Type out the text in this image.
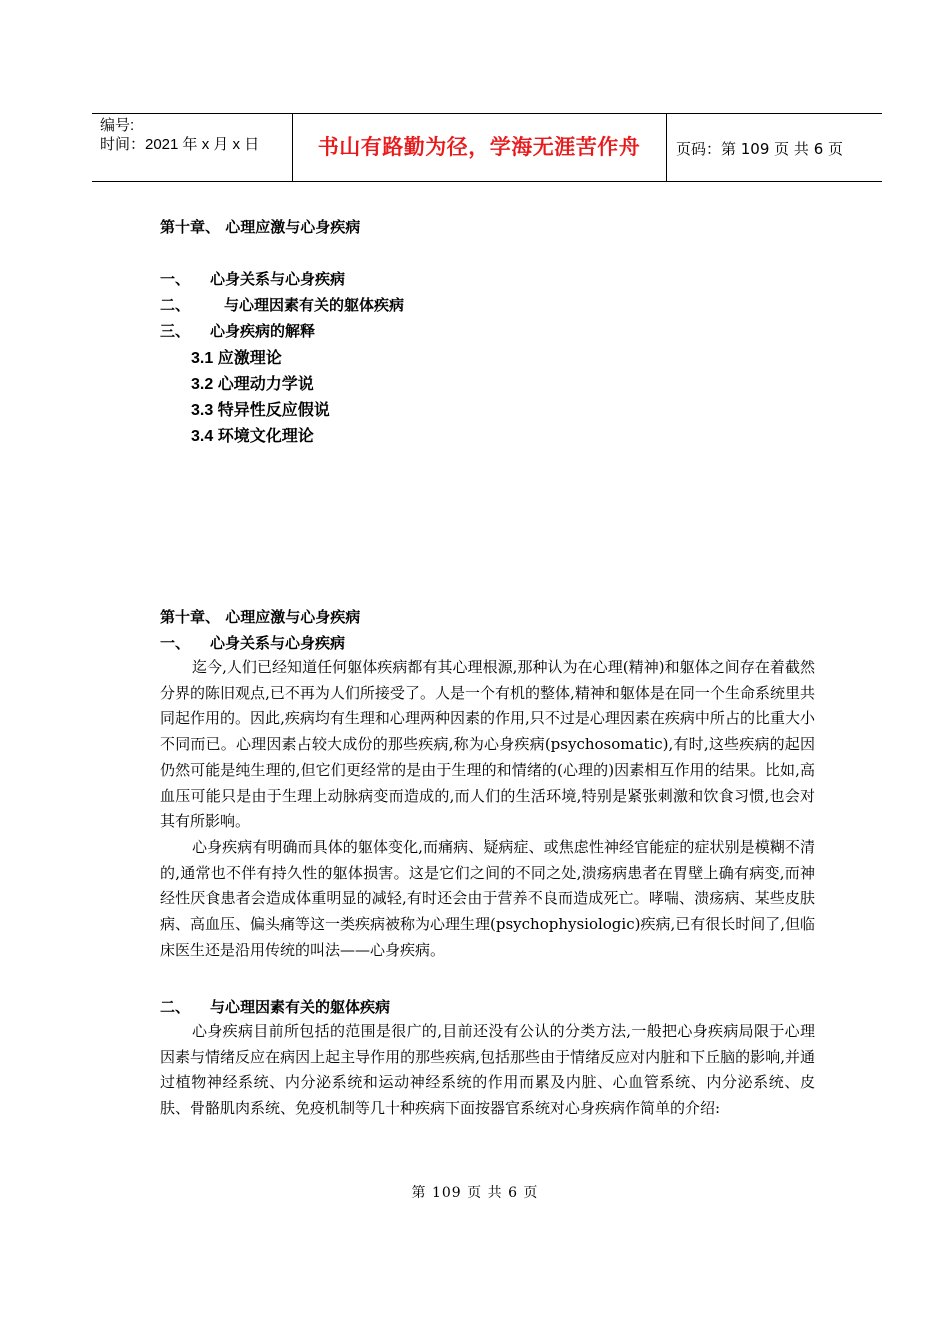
编号:
时间：2021 年 x 月 x 日	书山有路勤为径，学海无涯苦作舟	页码：第 109 页 共 6 页
第十章、 心理应激与心身疾病
一、 心身关系与心身疾病
二、 与心理因素有关的躯体疾病
三、 心身疾病的解释
3.1 应激理论
3.2 心理动力学说
3.3 特异性反应假说
3.4 环境文化理论
第十章、 心理应激与心身疾病
一、 心身关系与心身疾病

迄今,人们已经知道任何躯体疾病都有其心理根源,那种认为在心理(精神)和躯体之间存在着截然分界的陈旧观点,已不再为人们所接受了。人是一个有机的整体,精神和躯体是在同一个生命系统里共同起作用的。因此,疾病均有生理和心理两种因素的作用,只不过是心理因素在疾病中所占的比重大小不同而已。心理因素占较大成份的那些疾病,称为心身疾病(psychosomatic),有时,这些疾病的起因仍然可能是纯生理的,但它们更经常的是由于生理的和情绪的(心理的)因素相互作用的结果。比如,高血压可能只是由于生理上动脉病变而造成的,而人们的生活环境,特别是紧张刺激和饮食习惯,也会对其有所影响。

心身疾病有明确而具体的躯体变化,而痛病、疑病症、或焦虑性神经官能症的症状别是模糊不清的,通常也不伴有持久性的躯体损害。这是它们之间的不同之处,溃疡病患者在胃壁上确有病变,而神经性厌食患者会造成体重明显的减轻,有时还会由于营养不良而造成死亡。哮喘、溃疡病、某些皮肤病、高血压、偏头痛等这一类疾病被称为心理生理(psychophysiologic)疾病,已有很长时间了,但临床医生还是沿用传统的叫法——心身疾病。

二、 与心理因素有关的躯体疾病

心身疾病目前所包括的范围是很广的,目前还没有公认的分类方法,一般把心身疾病局限于心理因素与情绪反应在病因上起主导作用的那些疾病,包括那些由于情绪反应对内脏和下丘脑的影响,并通过植物神经系统、内分泌系统和运动神经系统的作用而累及内脏、心血管系统、内分泌系统、皮肤、骨骼肌肉系统、免疫机制等几十种疾病下面按器官系统对心身疾病作简单的介绍:

第 109 页 共 6 页
